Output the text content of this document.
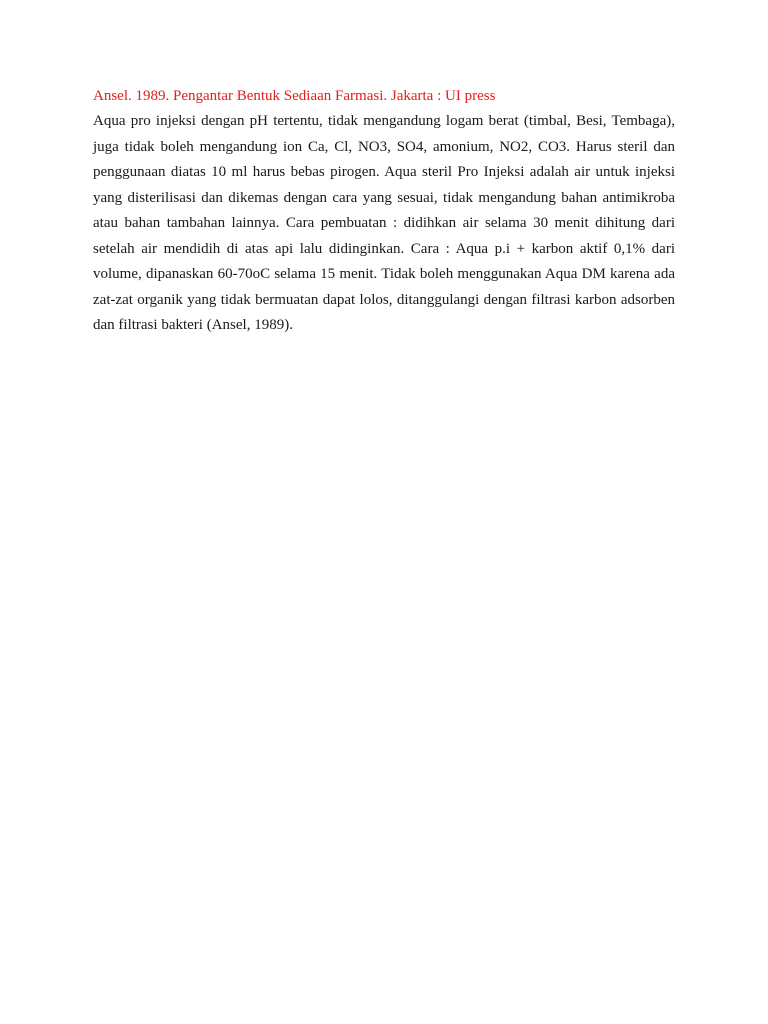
Ansel. 1989. Pengantar Bentuk Sediaan Farmasi. Jakarta : UI press

Aqua pro injeksi dengan pH tertentu, tidak mengandung logam berat (timbal, Besi, Tembaga), juga tidak boleh mengandung ion Ca, Cl, NO3, SO4, amonium, NO2, CO3. Harus steril dan penggunaan diatas 10 ml harus bebas pirogen. Aqua steril Pro Injeksi adalah air untuk injeksi yang disterilisasi dan dikemas dengan cara yang sesuai, tidak mengandung bahan antimikroba atau bahan tambahan lainnya. Cara pembuatan : didihkan air selama 30 menit dihitung dari setelah air mendidih di atas api lalu didinginkan. Cara : Aqua p.i + karbon aktif 0,1% dari volume, dipanaskan 60-70oC selama 15 menit. Tidak boleh menggunakan Aqua DM karena ada zat-zat organik yang tidak bermuatan dapat lolos, ditanggulangi dengan filtrasi karbon adsorben dan filtrasi bakteri (Ansel, 1989).
